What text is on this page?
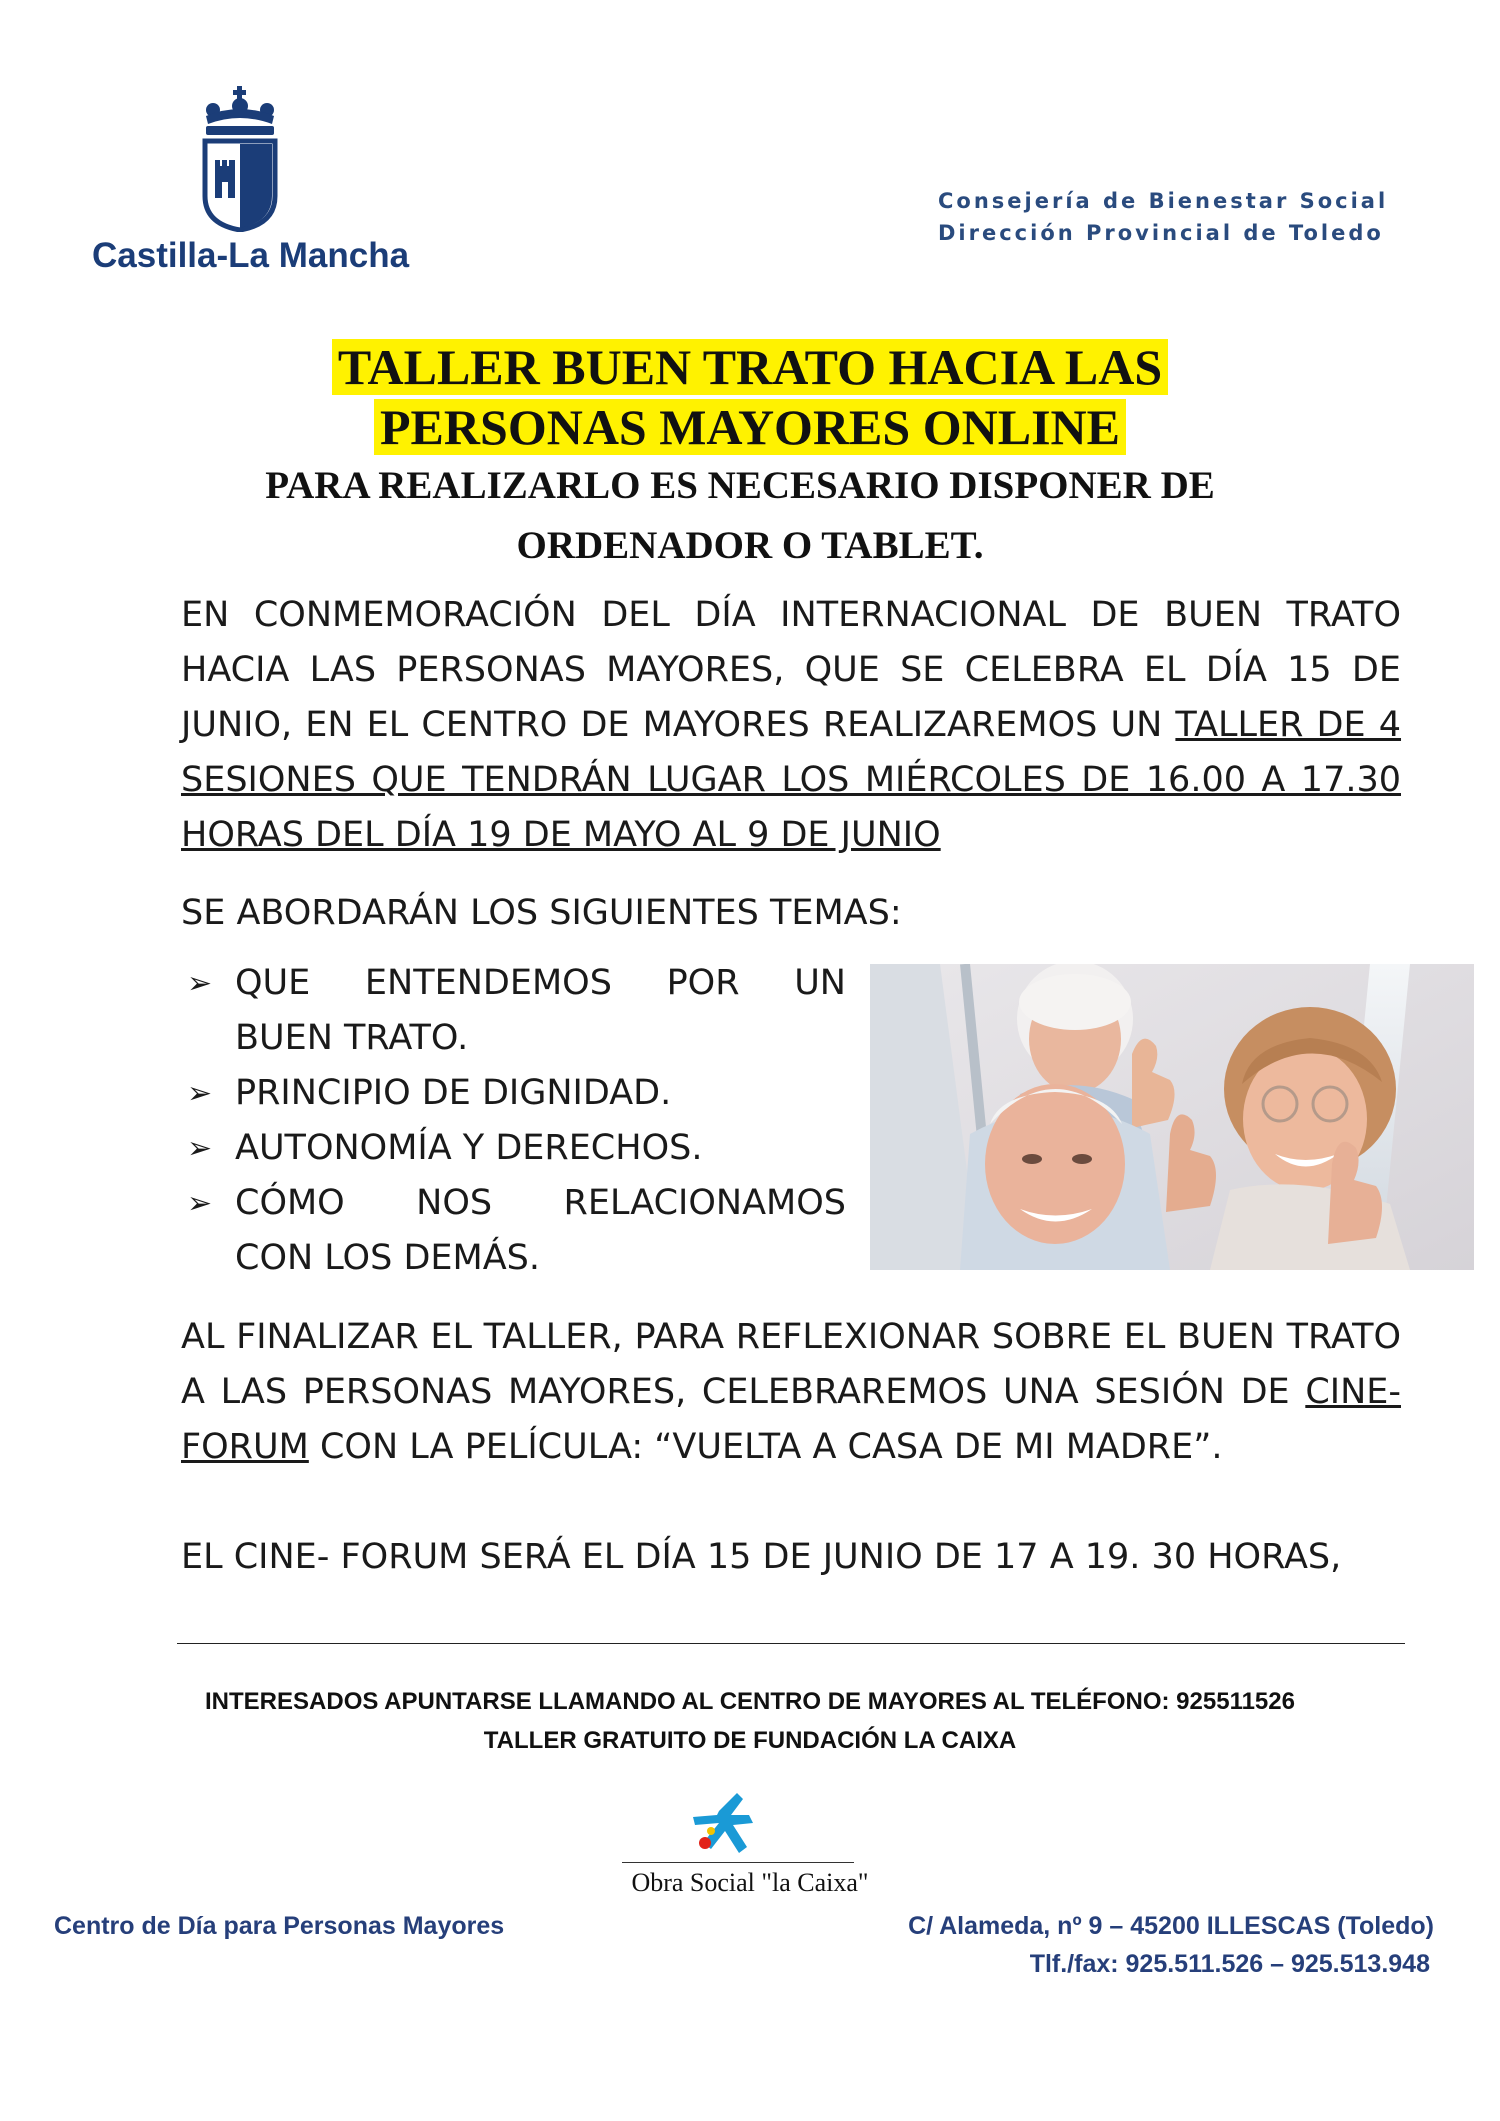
Castilla-La Mancha
Consejería de Bienestar Social
Dirección Provincial de Toledo
TALLER BUEN TRATO HACIA LAS
PERSONAS MAYORES ONLINE
PARA REALIZARLO ES NECESARIO DISPONER DE
ORDENADOR O TABLET.
EN CONMEMORACIÓN DEL DÍA INTERNACIONAL DE BUEN TRATO HACIA LAS PERSONAS MAYORES, QUE SE CELEBRA EL DÍA 15 DE JUNIO, EN EL CENTRO DE MAYORES REALIZAREMOS UN TALLER DE 4 SESIONES QUE TENDRÁN LUGAR LOS MIÉRCOLES DE 16.00 A 17.30 HORAS DEL DÍA 19 DE MAYO AL 9 DE JUNIO
SE ABORDARÁN LOS SIGUIENTES TEMAS:
➢ QUE ENTENDEMOS POR UN
BUEN TRATO.
➢ PRINCIPIO DE DIGNIDAD.
➢ AUTONOMÍA Y DERECHOS.
➢ CÓMO NOS RELACIONAMOS
CON LOS DEMÁS.
AL FINALIZAR EL TALLER, PARA REFLEXIONAR SOBRE EL BUEN TRATO A LAS PERSONAS MAYORES, CELEBRAREMOS UNA SESIÓN DE CINE-FORUM CON LA PELÍCULA: “VUELTA A CASA DE MI MADRE”.
EL CINE- FORUM SERÁ EL DÍA 15 DE JUNIO DE 17 A 19. 30 HORAS,
INTERESADOS APUNTARSE LLAMANDO AL CENTRO DE MAYORES AL TELÉFONO: 925511526
TALLER GRATUITO DE FUNDACIÓN LA CAIXA
Obra Social "la Caixa"
Centro de Día para Personas Mayores	C/ Alameda, nº 9 – 45200 ILLESCAS (Toledo)
Tlf./fax: 925.511.526 – 925.513.948
